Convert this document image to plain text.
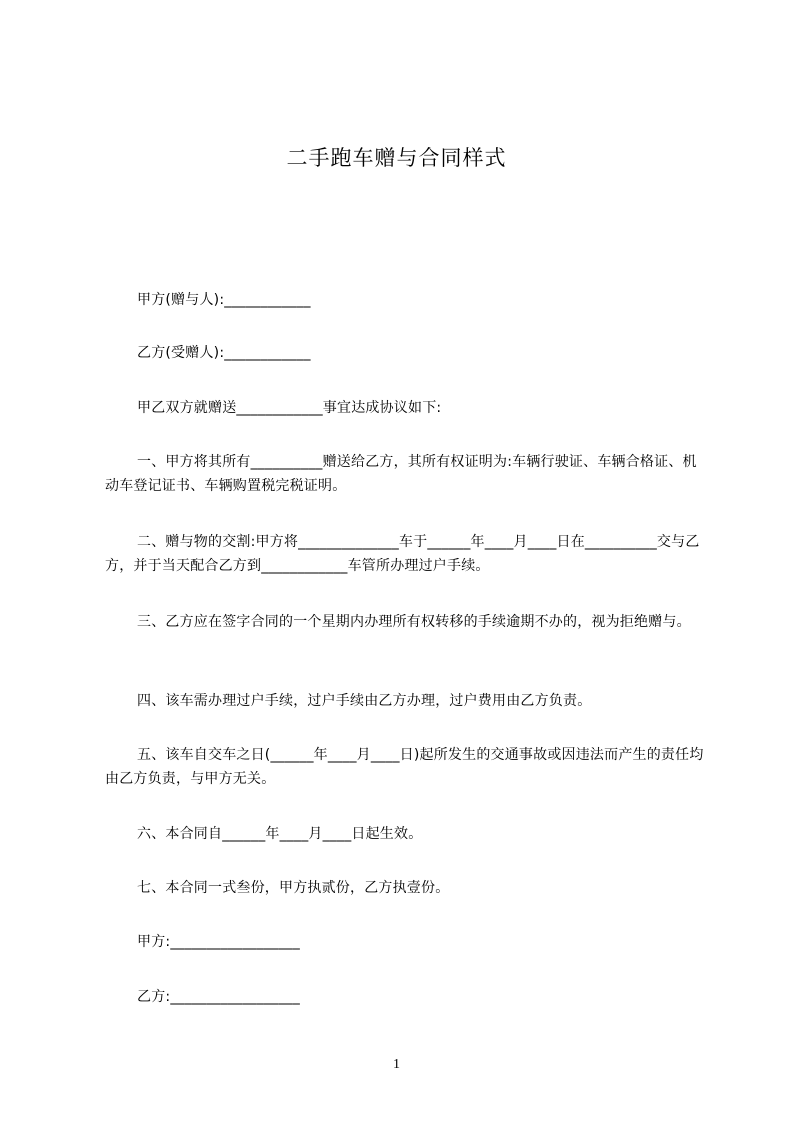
二手跑车赠与合同样式
甲方(赠与人):____________
乙方(受赠人):____________
甲乙双方就赠送____________事宜达成协议如下:
一、甲方将其所有__________赠送给乙方，其所有权证明为:车辆行驶证、车辆合格证、机动车登记证书、车辆购置税完税证明。
二、赠与物的交割:甲方将______________车于______年____月____日在__________交与乙方，并于当天配合乙方到____________车管所办理过户手续。
三、乙方应在签字合同的一个星期内办理所有权转移的手续逾期不办的，视为拒绝赠与。
四、该车需办理过户手续，过户手续由乙方办理，过户费用由乙方负责。
五、该车自交车之日(______年____月____日)起所发生的交通事故或因违法而产生的责任均由乙方负责，与甲方无关。
六、本合同自______年____月____日起生效。
七、本合同一式叁份，甲方执贰份，乙方执壹份。
甲方:__________________
乙方:__________________
1
